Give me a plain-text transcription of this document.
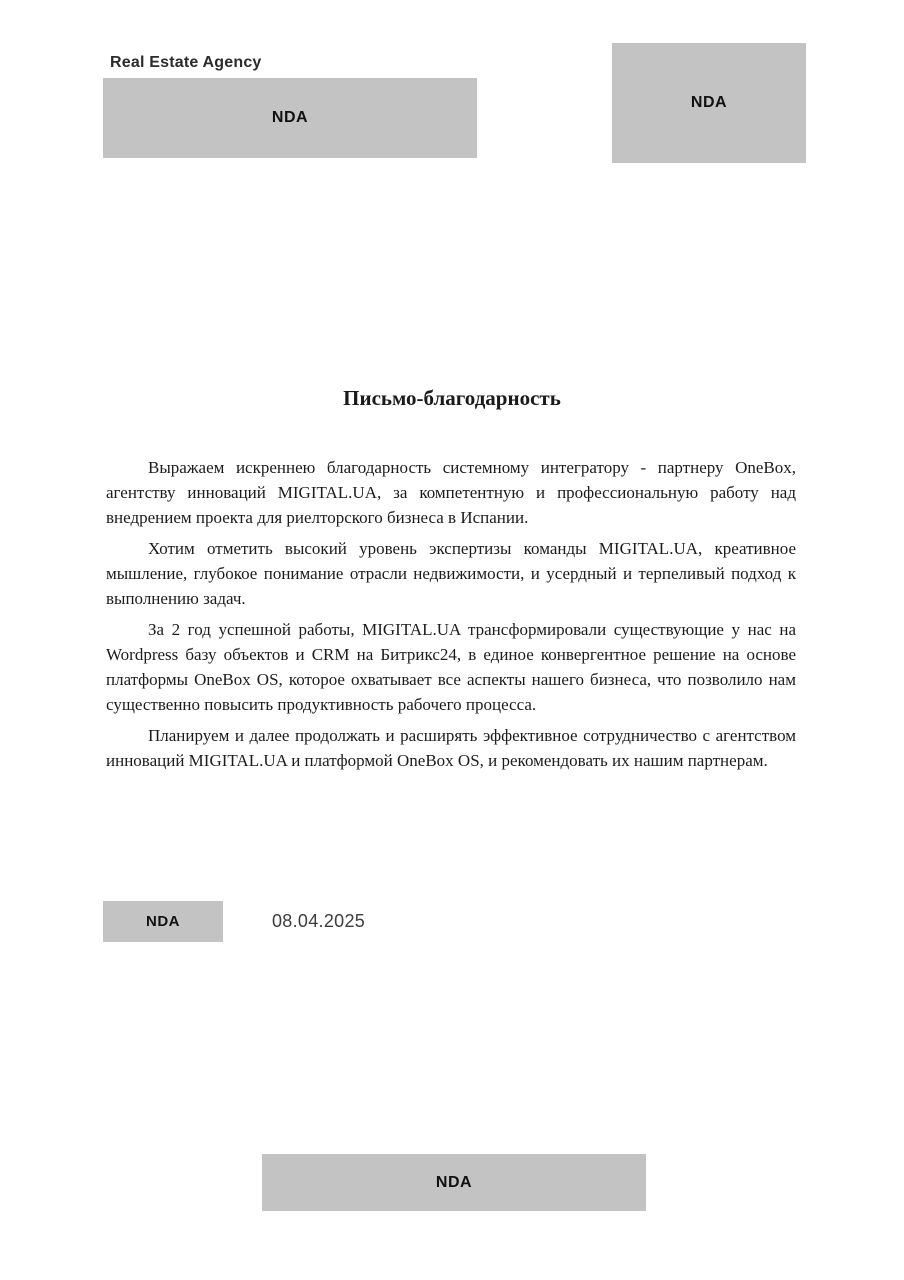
Real Estate Agency
NDA
NDA
Письмо-благодарность

Выражаем искреннею благодарность системному интегратору - партнеру OneBox, агентству инноваций MIGITAL.UA, за компетентную и профессиональную работу над внедрением проекта для риелторского бизнеса в Испании.

Хотим отметить высокий уровень экспертизы команды MIGITAL.UA, креативное мышление, глубокое понимание отрасли недвижимости, и усердный и терпеливый подход к выполнению задач.

За 2 год успешной работы, MIGITAL.UA трансформировали существующие у нас на Wordpress базу объектов и CRM на Битрикс24, в единое конвергентное решение на основе платформы OneBox OS, которое охватывает все аспекты нашего бизнеса, что позволило нам существенно повысить продуктивность рабочего процесса.

Планируем и далее продолжать и расширять эффективное сотрудничество с агентством инноваций MIGITAL.UA и платформой OneBox OS, и рекомендовать их нашим партнерам.

NDA	08.04.2025
NDA
